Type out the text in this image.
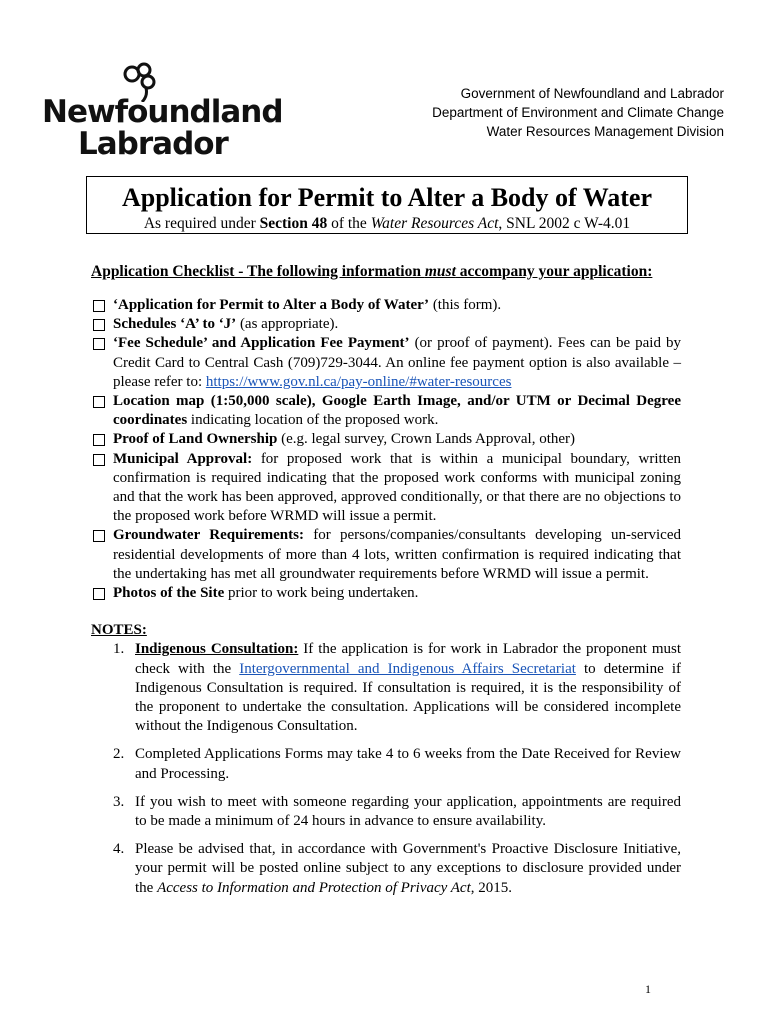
Newfoundland
Labrador
Government of Newfoundland and Labrador
Department of Environment and Climate Change
Water Resources Management Division
Application for Permit to Alter a Body of Water
As required under Section 48 of the Water Resources Act, SNL 2002 c W-4.01
Application Checklist - The following information must accompany your application:
‘Application for Permit to Alter a Body of Water’ (this form).
Schedules ‘A’ to ‘J’ (as appropriate).
‘Fee Schedule’ and Application Fee Payment’ (or proof of payment). Fees can be paid by Credit Card to Central Cash (709)729-3044. An online fee payment option is also available – please refer to: https://www.gov.nl.ca/pay-online/#water-resources
Location map (1:50,000 scale), Google Earth Image, and/or UTM or Decimal Degree coordinates indicating location of the proposed work.
Proof of Land Ownership (e.g. legal survey, Crown Lands Approval, other)
Municipal Approval: for proposed work that is within a municipal boundary, written confirmation is required indicating that the proposed work conforms with municipal zoning and that the work has been approved, approved conditionally, or that there are no objections to the proposed work before WRMD will issue a permit.
Groundwater Requirements: for persons/companies/consultants developing un-serviced residential developments of more than 4 lots, written confirmation is required indicating that the undertaking has met all groundwater requirements before WRMD will issue a permit.
Photos of the Site prior to work being undertaken.
NOTES:
1. Indigenous Consultation: If the application is for work in Labrador the proponent must check with the Intergovernmental and Indigenous Affairs Secretariat to determine if Indigenous Consultation is required. If consultation is required, it is the responsibility of the proponent to undertake the consultation. Applications will be considered incomplete without the Indigenous Consultation.
2. Completed Applications Forms may take 4 to 6 weeks from the Date Received for Review and Processing.
3. If you wish to meet with someone regarding your application, appointments are required to be made a minimum of 24 hours in advance to ensure availability.
4. Please be advised that, in accordance with Government's Proactive Disclosure Initiative, your permit will be posted online subject to any exceptions to disclosure provided under the Access to Information and Protection of Privacy Act, 2015.
1
